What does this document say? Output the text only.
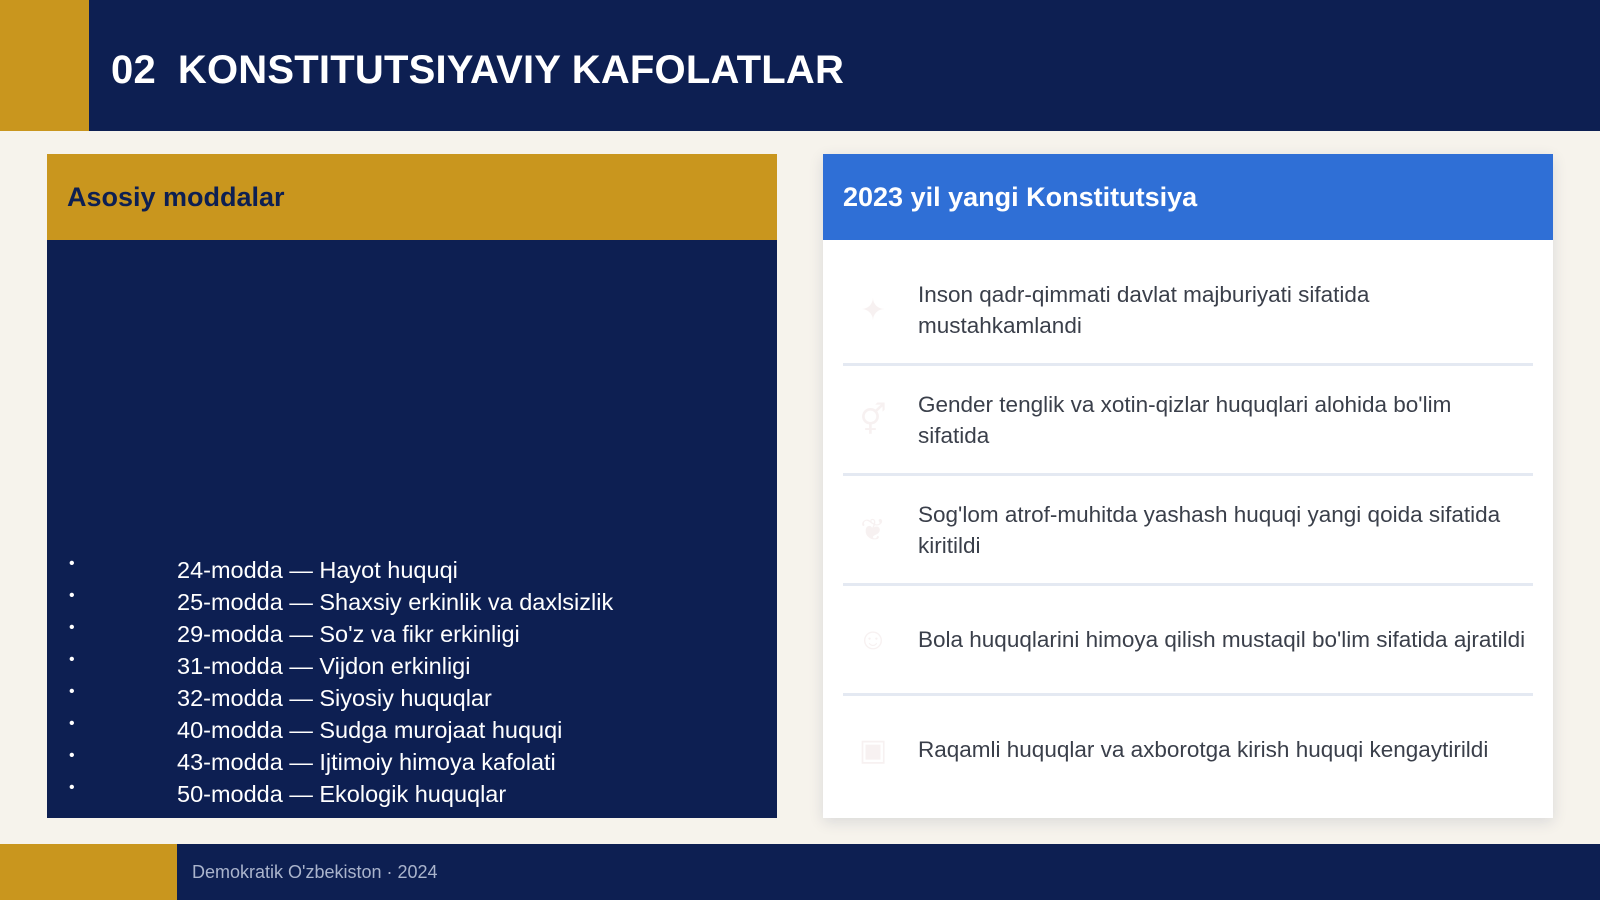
02 KONSTITUTSIYAVIY KAFOLATLAR
Asosiy moddalar
•	24-modda — Hayot huquqi
•	25-modda — Shaxsiy erkinlik va daxlsizlik
•	29-modda — So'z va fikr erkinligi
•	31-modda — Vijdon erkinligi
•	32-modda — Siyosiy huquqlar
•	40-modda — Sudga murojaat huquqi
•	43-modda — Ijtimoiy himoya kafolati
•	50-modda — Ekologik huquqlar
2023 yil yangi Konstitutsiya
✦	Inson qadr-qimmati davlat majburiyati sifatida mustahkamlandi
⚥	Gender tenglik va xotin-qizlar huquqlari alohida bo'lim sifatida
❦	Sog'lom atrof-muhitda yashash huquqi yangi qoida sifatida kiritildi
☺	Bola huquqlarini himoya qilish mustaqil bo'lim sifatida ajratildi
▣	Raqamli huquqlar va axborotga kirish huquqi kengaytirildi
Demokratik O'zbekiston · 2024
